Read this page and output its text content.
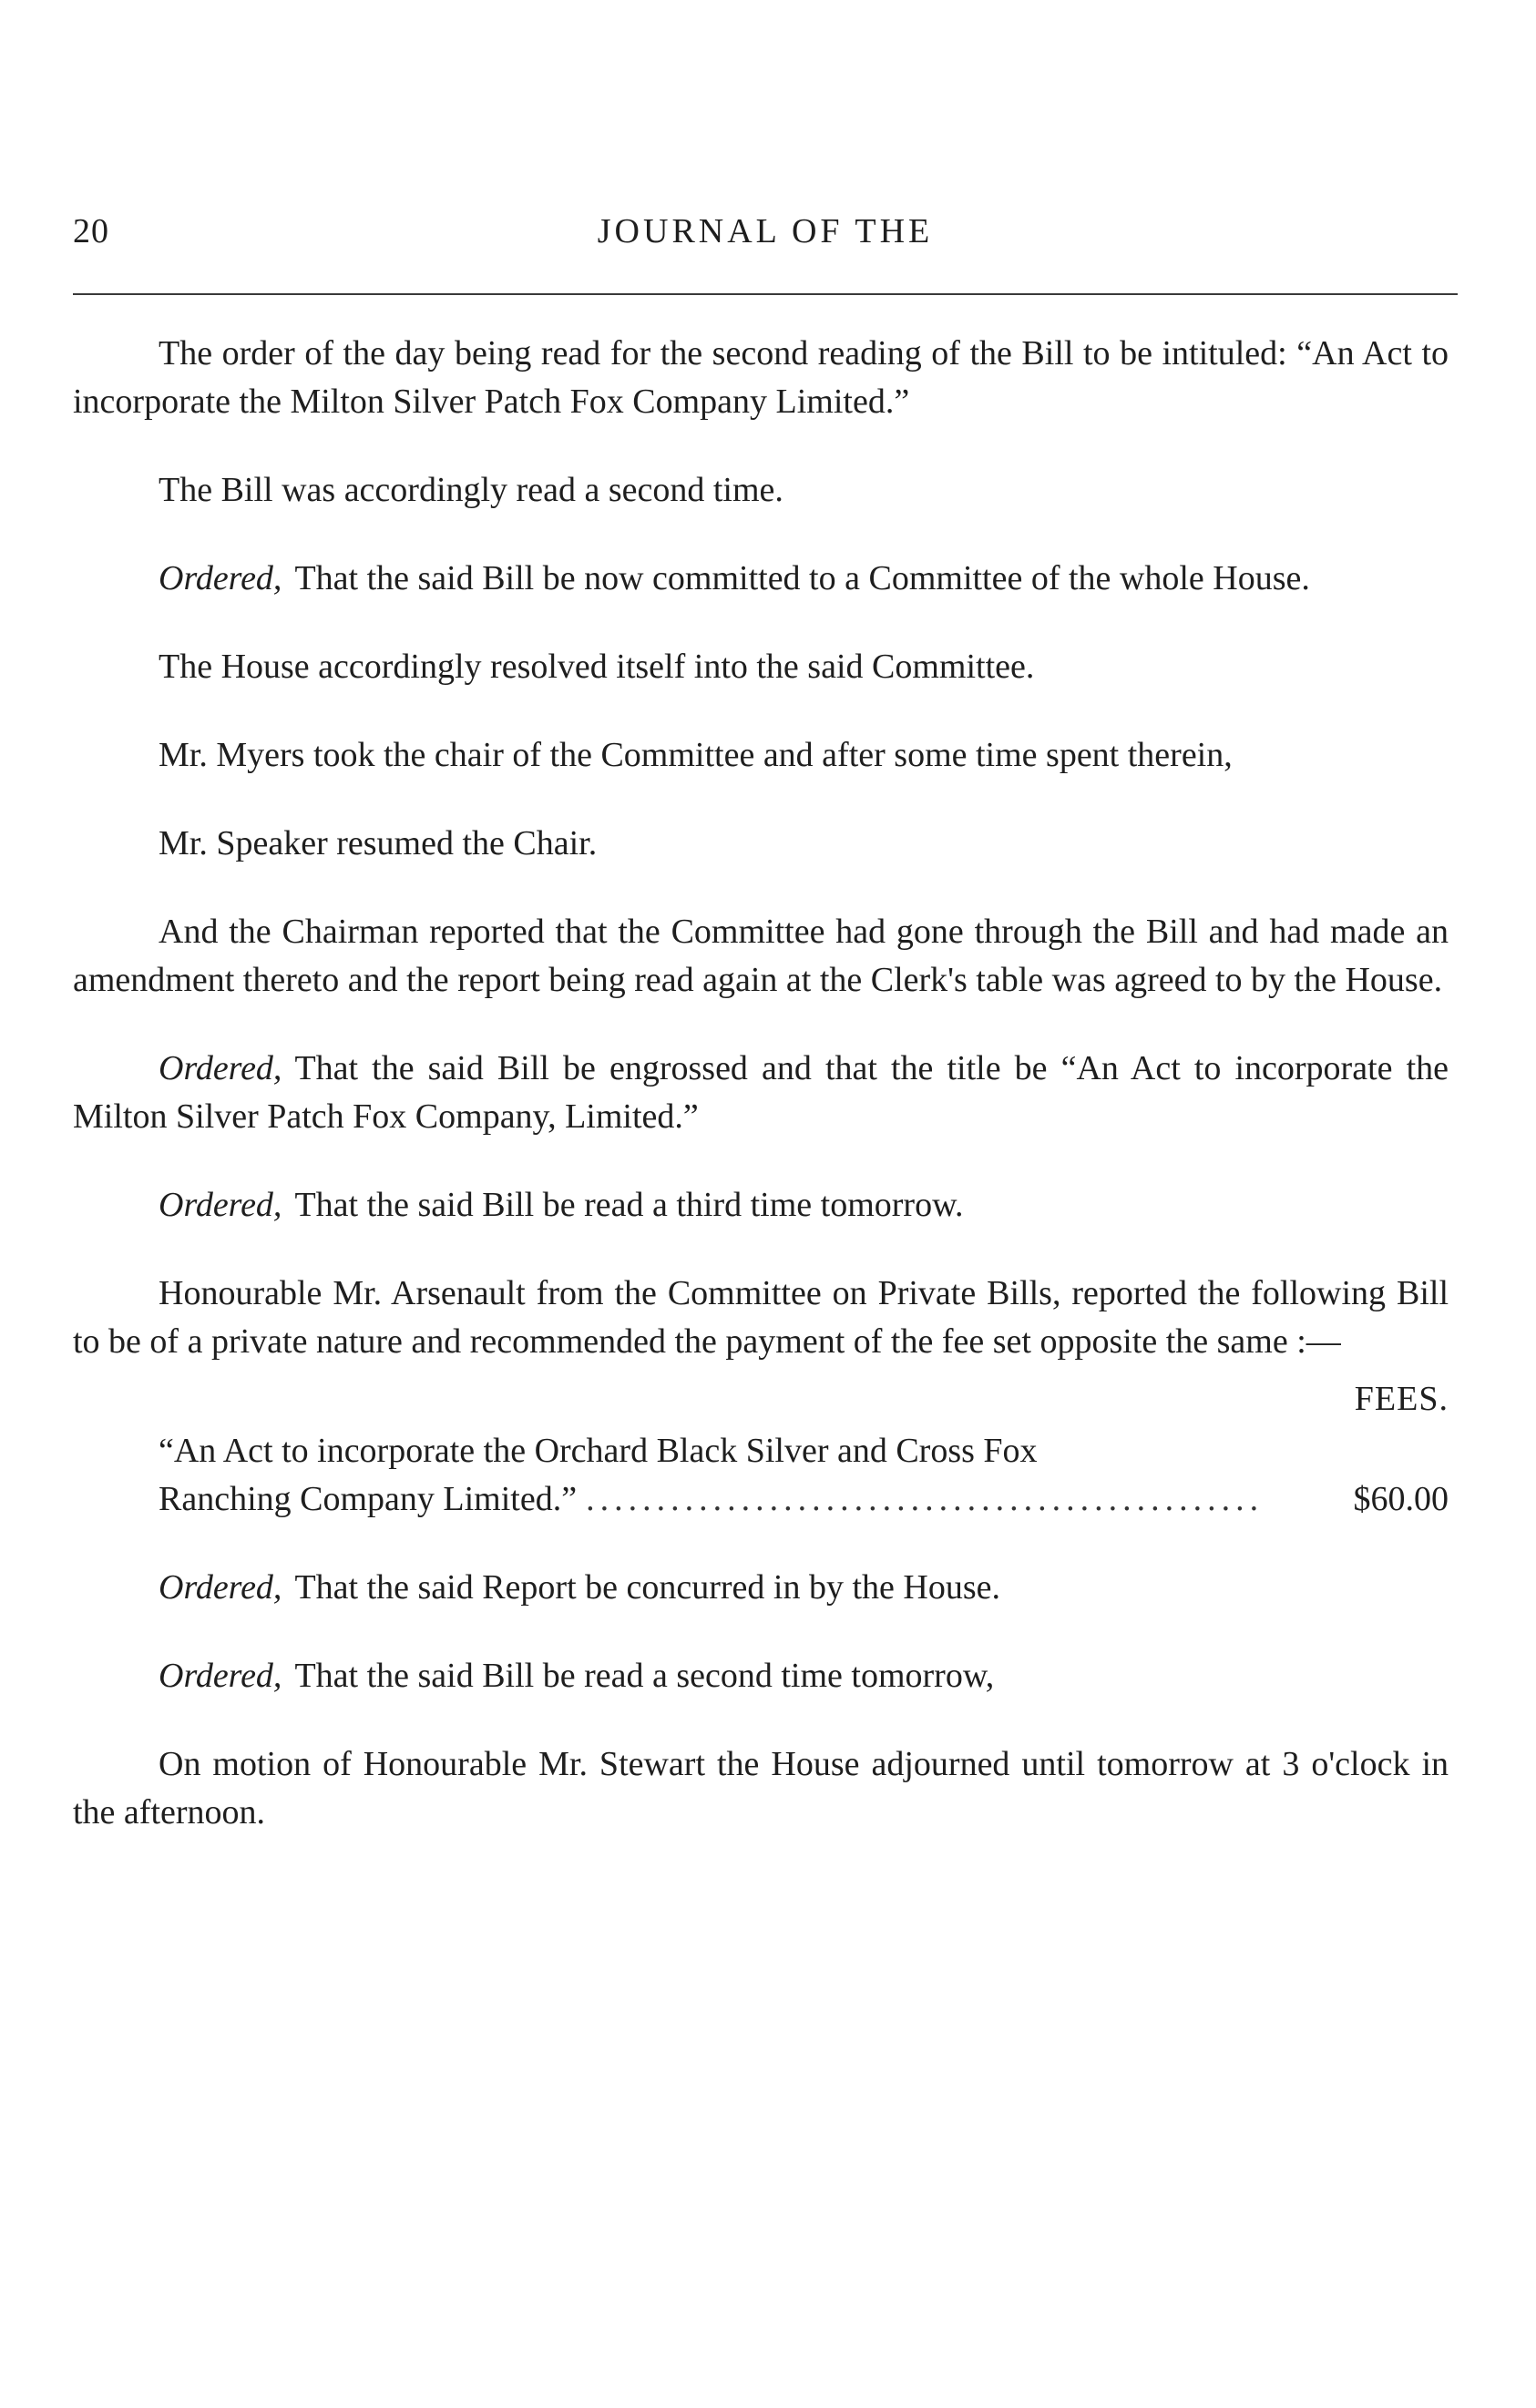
20	JOURNAL OF THE

The order of the day being read for the second reading of the Bill to be intituled: “An Act to incorporate the Milton Silver Patch Fox Company Limited.”

The Bill was accordingly read a second time.

Ordered, That the said Bill be now committed to a Committee of the whole House.

The House accordingly resolved itself into the said Committee.

Mr. Myers took the chair of the Committee and after some time spent therein,

Mr. Speaker resumed the Chair.

And the Chairman reported that the Committee had gone through the Bill and had made an amendment thereto and the report being read again at the Clerk's table was agreed to by the House.

Ordered, That the said Bill be engrossed and that the title be “An Act to incorporate the Milton Silver Patch Fox Company, Limited.”

Ordered, That the said Bill be read a third time tomorrow.

Honourable Mr. Arsenault from the Committee on Private Bills, reported the following Bill to be of a private nature and recommended the payment of the fee set opposite the same :—

FEES.
“An Act to incorporate the Orchard Black Silver and Cross Fox
Ranching Company Limited.” ................................................	$60.00

Ordered, That the said Report be concurred in by the House.

Ordered, That the said Bill be read a second time tomorrow,

On motion of Honourable Mr. Stewart the House adjourned until tomorrow at 3 o'clock in the afternoon.
